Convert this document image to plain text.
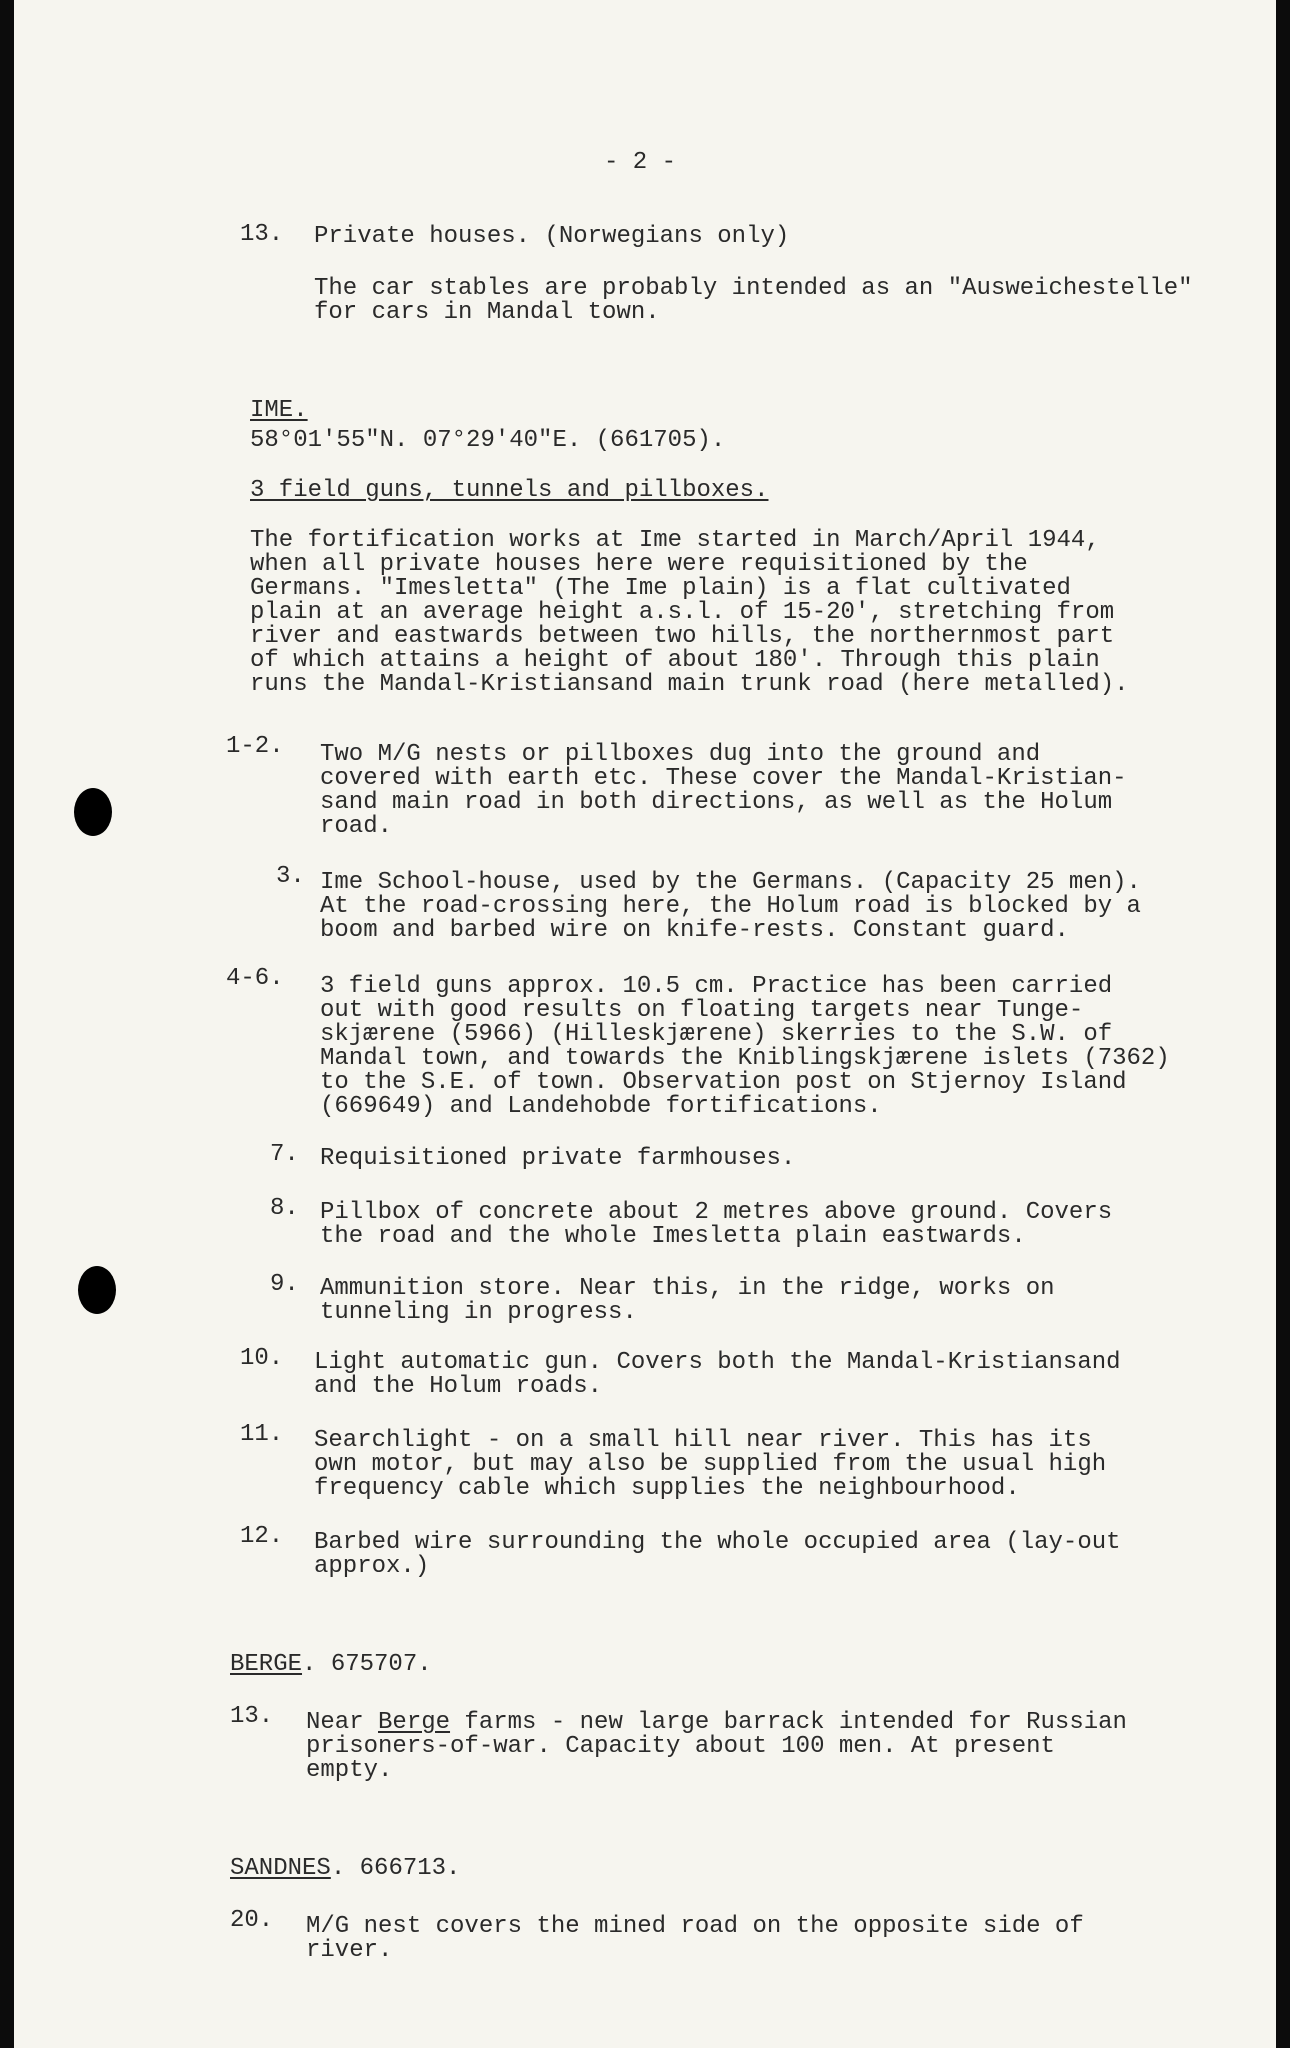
- 2 -
13. Private houses. (Norwegians only)
The car stables are probably intended as an "Ausweichestelle"
for cars in Mandal town.
IME.
58°01'55"N. 07°29'40"E. (661705).
3 field guns, tunnels and pillboxes.
The fortification works at Ime started in March/April 1944,
when all private houses here were requisitioned by the
Germans. "Imesletta" (The Ime plain) is a flat cultivated
plain at an average height a.s.l. of 15-20', stretching from
river and eastwards between two hills, the northernmost part
of which attains a height of about 180'. Through this plain
runs the Mandal-Kristiansand main trunk road (here metalled).
1-2. Two M/G nests or pillboxes dug into the ground and
covered with earth etc. These cover the Mandal-Kristian-
sand main road in both directions, as well as the Holum
road.
3. Ime School-house, used by the Germans. (Capacity 25 men).
At the road-crossing here, the Holum road is blocked by a
boom and barbed wire on knife-rests. Constant guard.
4-6. 3 field guns approx. 10.5 cm. Practice has been carried
out with good results on floating targets near Tunge-
skjærene (5966) (Hilleskjærene) skerries to the S.W. of
Mandal town, and towards the Kniblingskjærene islets (7362)
to the S.E. of town. Observation post on Stjernoy Island
(669649) and Landehobde fortifications.
7. Requisitioned private farmhouses.
8. Pillbox of concrete about 2 metres above ground. Covers
the road and the whole Imesletta plain eastwards.
9. Ammunition store. Near this, in the ridge, works on
tunneling in progress.
10. Light automatic gun. Covers both the Mandal-Kristiansand
and the Holum roads.
11. Searchlight - on a small hill near river. This has its
own motor, but may also be supplied from the usual high
frequency cable which supplies the neighbourhood.
12. Barbed wire surrounding the whole occupied area (lay-out
approx.)
BERGE. 675707.
13. Near Berge farms - new large barrack intended for Russian
prisoners-of-war. Capacity about 100 men. At present
empty.
SANDNES. 666713.
20. M/G nest covers the mined road on the opposite side of
river.
